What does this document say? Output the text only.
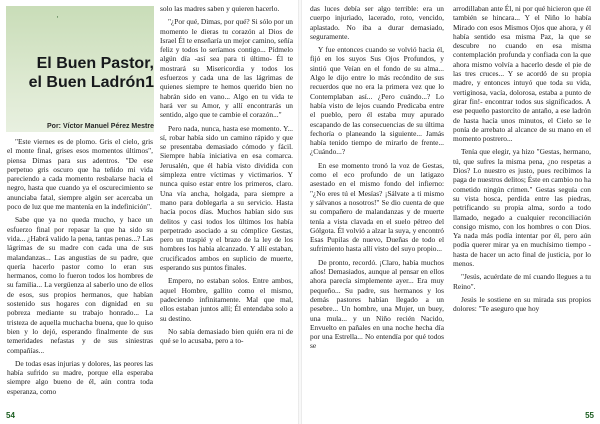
·
El Buen Pastor,
el Buen Ladrón1
Por: Víctor Manuel Pérez Mestre

"Este viernes es de plomo. Gris el cielo, gris el monte final, grises esos momentos últimos", piensa Dimas para sus adentros. "De ese perpetuo gris oscuro que ha teñido mi vida pareciendo a cada momento resbalarse hacia el negro, hasta que cuando ya el oscurecimiento se anunciaba fatal, siempre algún ser acercaba un poco de luz que me mantenía en la indefinición".

Sabe que ya no queda mucho, y hace un esfuerzo final por repasar la que ha sido su vida... ¿Habrá valido la pena, tantas penas...? Las lágrimas de su madre con cada una de sus malandanzas... Las angustias de su padre, que quería hacerlo pastor como lo eran sus hermanos, como lo fueron todos los hombres de su familia... La vergüenza al saberlo uno de ellos de esos, sus propios hermanos, que habían sostenido sus hogares con dignidad en su pobreza mediante su trabajo honrado... La tristeza de aquella muchacha buena, que lo quiso bien y lo dejó, esperando finalmente de sus temeridades nefastas y de sus siniestras compañías...

De todas esas injurias y dolores, las peores las había sufrido su madre, porque ella esperaba siempre algo bueno de él, aún contra toda esperanza, como

solo las madres saben y quieren hacerlo.

"¿Por qué, Dimas, por qué? Si sólo por un momento le dieras tu corazón al Dios de Israel Él te enseñaría un mejor camino, señía feliz y todos lo seríamos contigo... Pídmelo algún día -así sea para ti último- Él te mostrará su Misericordia y todos los esfuerzos y cada una de las lágrimas de quienes siempre te hemos querido bien no habrán sido en vano... Algo en tu vida te hará ver su Amor, y allí encontrarás un sentido, algo que te cambie el corazón..."

Pero nada, nunca, hasta ese momento. Y... sí, robar había sido un camino rápido y que se presentaba demasiado cómodo y fácil. Siempre había iniciativa en esa comarca. Jerusalén, que él había visto dividida con simpleza entre víctimas y victimarios. Y nunca quiso estar entre los primeros, claro. Una vía ancha, holgada, para siempre a mano para doblegarla a su servicio. Hasta hacía pocos días. Muchos habían sido sus delitos y casi todos los últimos los había perpetrado asociado a su cómplice Gestas, pero un traspié y el brazo de la ley de los hombres los había alcanzado. Y allí estaban, crucificados ambos en suplicio de muerte, esperando sus puntos finales.

Empero, no estaban solos. Entre ambos, aquel Hombre, gallito como el mismo, padeciendo infinitamente. Mal que mal, ellos estaban juntos allí; Él entendaba solo a su destino.

No sabía demasiado bien quién era ni de qué se lo acusaba, pero a to-

54

das luces debía ser algo terrible: era un cuerpo injuriado, lacerado, roto, vencido, aplastado. No iba a durar demasiado, seguramente.

Y fue entonces cuando se volvió hacia él, fijó en los suyos Sus Ojos Profundos, y sintió que Veían en el fondo de su alma... Algo le dijo entre lo más recóndito de sus recuerdos que no era la primera vez que lo Contemplaban así... ¿Pero cuándo...? Lo había visto de lejos cuando Predicaba entre el pueblo, pero él estaba muy apurado escapando de las consecuencias de su última fechoría o planeando la siguiente... Jamás había tenido tiempo de mirarlo de frente... ¿Cuándo...?

En ese momento tronó la voz de Gestas, como el eco profundo de un latigazo asestado en el mismo fondo del infierno: "¿No eres tú el Mesías? ¡Sálvate a ti mismo y sálvanos a nosotros!" Se dio cuenta de que su compañero de malandanzas y de muerte tenía a vista clavada en el suelo pétreo del Gólgota. Él volvió a alzar la suya, y encontró Esas Pupilas de nuevo, Dueñas de todo el sufrimiento hasta allí visto del suyo propio...

De pronto, recordó. ¡Claro, había muchos años! Demasiados, aunque al pensar en ellos ahora parecía simplemente ayer... Era muy pequeño... Su padre, sus hermanos y los demás pastores habían llegado a un pesebre... Un hombre, una Mujer, un buey, una mula... y un Niño recién Nacido, Envuelto en pañales en una noche hecha día por una Estrella... No entendía por qué todos se

arrodillaban ante Él, ni por qué hicieron que él también se hincara... Y el Niño lo había Mirado con esos Mismos Ojos que ahora, y él había sentido esa misma Paz, la que se descubre no cuando en esa misma contemplación profunda y confiada con la que ahora mismo volvía a hacerlo desde el pie de las tres cruces... Y se acordó de su propia madre, y entonces intuyó que toda su vida, vertiginosa, vacía, dolorosa, estaba a punto de girar fin!- encontrar todos sus significados. A ese pequeño pastorcito de antaño, a ese ladrón de hasta hacía unos minutos, el Cielo se le ponía de arrebato al alcance de su mano en el momento postrero...

Tenía que elegir, ya hizo "Gestas, hermano, tú, que sufres la misma pena, ¿no respetas a Dios? Lo nuestro es justo, pues recibimos la paga de nuestros delitos; Éste en cambio no ha cometido ningún crimen." Gestas seguía con su vista hosca, perdida entre las piedras, petrificando su propia alma, sordo a todo llamado, negado a cualquier reconciliación consigo mismo, con los hombres o con Dios. Ya nada más podía intentar por él, pero aún podía querer mirar ya en muchísimo tiempo -hasta de hacer un acto final de justicia, por lo menos.

"Jesús, acuérdate de mí cuando llegues a tu Reino".

Jesús le sostiene en su mirada sus propios dolores: "Te aseguro que hoy

55
